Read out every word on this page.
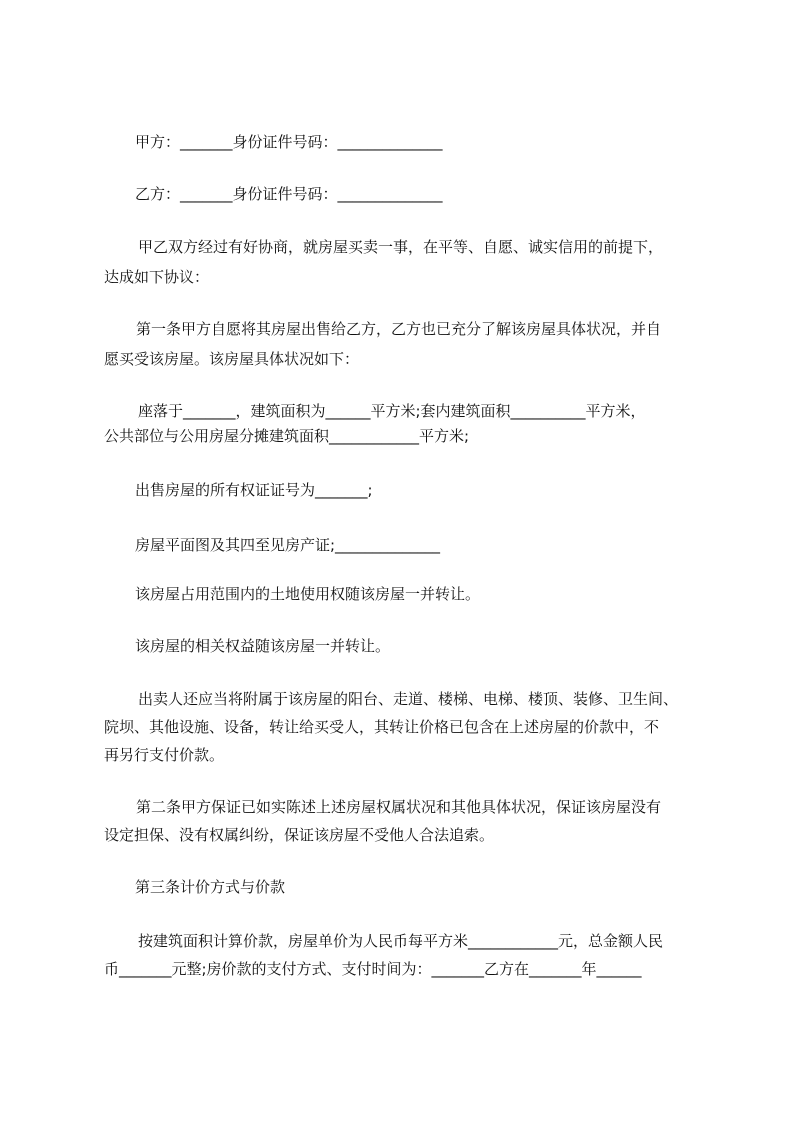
甲方：_______身份证件号码：______________
乙方：_______身份证件号码：______________
甲乙双方经过有好协商，就房屋买卖一事，在平等、自愿、诚实信用的前提下，
达成如下协议：
第一条甲方自愿将其房屋出售给乙方，乙方也已充分了解该房屋具体状况，并自
愿买受该房屋。该房屋具体状况如下：
座落于_______，建筑面积为______平方米;套内建筑面积__________平方米，
公共部位与公用房屋分摊建筑面积____________平方米;
出售房屋的所有权证证号为_______;
房屋平面图及其四至见房产证;______________
该房屋占用范围内的土地使用权随该房屋一并转让。
该房屋的相关权益随该房屋一并转让。
出卖人还应当将附属于该房屋的阳台、走道、楼梯、电梯、楼顶、装修、卫生间、
院坝、其他设施、设备，转让给买受人，其转让价格已包含在上述房屋的价款中，不
再另行支付价款。
第二条甲方保证已如实陈述上述房屋权属状况和其他具体状况，保证该房屋没有
设定担保、没有权属纠纷，保证该房屋不受他人合法追索。
第三条计价方式与价款
按建筑面积计算价款，房屋单价为人民币每平方米____________元，总金额人民
币_______元整;房价款的支付方式、支付时间为：_______乙方在_______年______
